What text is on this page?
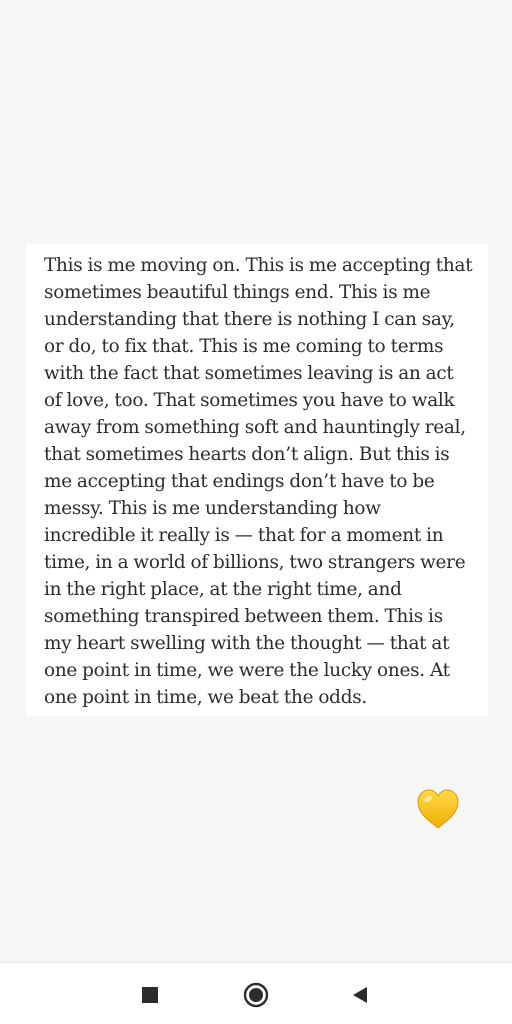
This is me moving on. This is me accepting that sometimes beautiful things end. This is me understanding that there is nothing I can say, or do, to fix that. This is me coming to terms with the fact that sometimes leaving is an act of love, too. That sometimes you have to walk away from something soft and hauntingly real, that sometimes hearts don’t align. But this is me accepting that endings don’t have to be messy. This is me understanding how incredible it really is — that for a moment in time, in a world of billions, two strangers were in the right place, at the right time, and something transpired between them. This is my heart swelling with the thought — that at one point in time, we were the lucky ones. At one point in time, we beat the odds.
